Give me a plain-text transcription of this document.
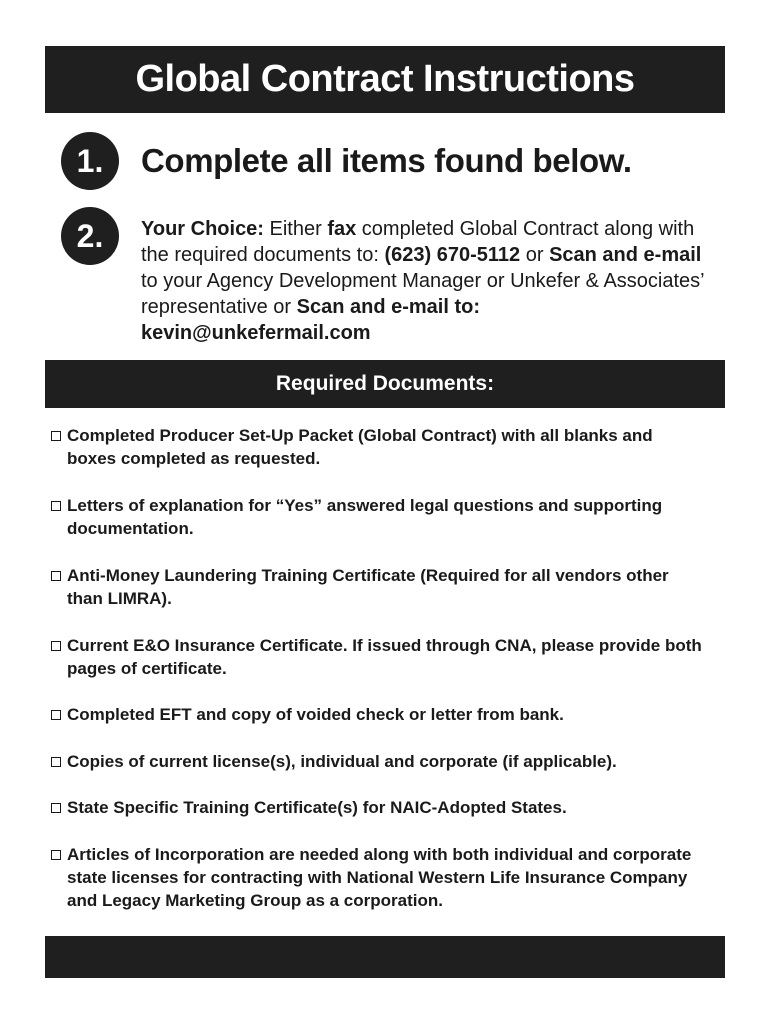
Global Contract Instructions
1.	Complete all items found below.
2.	Your Choice: Either fax completed Global Contract along with the required documents to: (623) 670-5112 or Scan and e-mail to your Agency Development Manager or Unkefer & Associates’ representative or Scan and e-mail to:
kevin@unkefermail.com
Required Documents:
Completed Producer Set-Up Packet (Global Contract) with all blanks and boxes completed as requested.
Letters of explanation for “Yes” answered legal questions and supporting documentation.
Anti-Money Laundering Training Certificate (Required for all vendors other than LIMRA).
Current E&O Insurance Certificate. If issued through CNA, please provide both pages of certificate.
Completed EFT and copy of voided check or letter from bank.
Copies of current license(s), individual and corporate (if applicable).
State Specific Training Certificate(s) for NAIC-Adopted States.
Articles of Incorporation are needed along with both individual and corporate state licenses for contracting with National Western Life Insurance Company and Legacy Marketing Group as a corporation.
